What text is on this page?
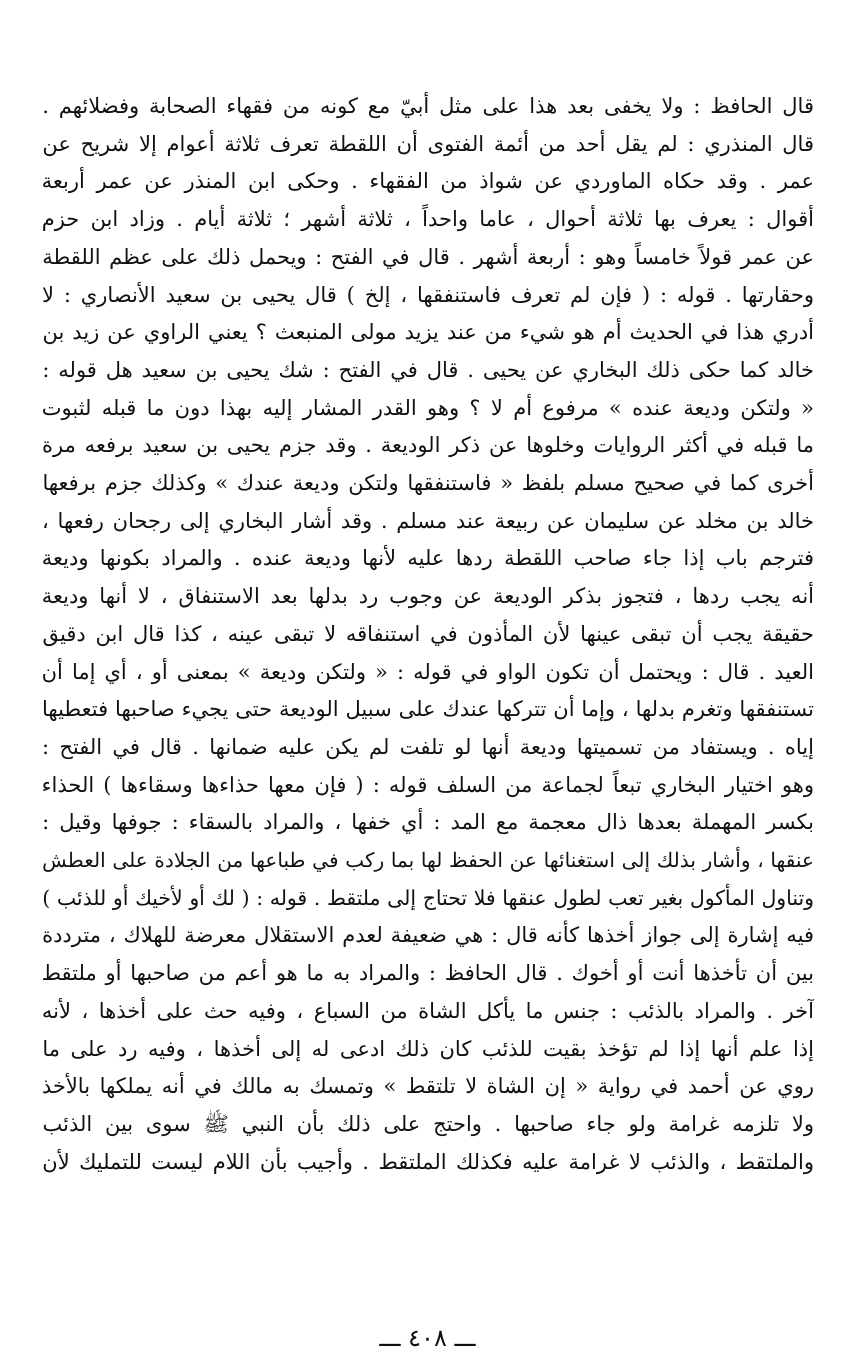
قال الحافظ : ولا يخفى بعد هذا على مثل أبيّ مع كونه من فقهاء الصحابة وفضلائهم .
قال المنذري : لم يقل أحد من أئمة الفتوى أن اللقطة تعرف ثلاثة أعوام إلا شريح عن
عمر . وقد حكاه الماوردي عن شواذ من الفقهاء . وحكى ابن المنذر عن عمر أربعة
أقوال : يعرف بها ثلاثة أحوال ، عاما واحداً ، ثلاثة أشهر ؛ ثلاثة أيام . وزاد ابن حزم
عن عمر قولاً خامساً وهو : أربعة أشهر . قال في الفتح : ويحمل ذلك على عظم اللقطة
وحقارتها . قوله : ( فإن لم تعرف فاستنفقها ، إلخ ) قال يحيى بن سعيد الأنصاري : لا
أدري هذا في الحديث أم هو شيء من عند يزيد مولى المنبعث ؟ يعني الراوي عن زيد بن
خالد كما حكى ذلك البخاري عن يحيى . قال في الفتح : شك يحيى بن سعيد هل قوله :
« ولتكن وديعة عنده » مرفوع أم لا ؟ وهو القدر المشار إليه بهذا دون ما قبله لثبوت
ما قبله في أكثر الروايات وخلوها عن ذكر الوديعة . وقد جزم يحيى بن سعيد برفعه مرة
أخرى كما في صحيح مسلم بلفظ « فاستنفقها ولتكن وديعة عندك » وكذلك جزم برفعها
خالد بن مخلد عن سليمان عن ربيعة عند مسلم . وقد أشار البخاري إلى رجحان رفعها ،
فترجم باب إذا جاء صاحب اللقطة ردها عليه لأنها وديعة عنده . والمراد بكونها وديعة
أنه يجب ردها ، فتجوز بذكر الوديعة عن وجوب رد بدلها بعد الاستنفاق ، لا أنها وديعة
حقيقة يجب أن تبقى عينها لأن المأذون في استنفاقه لا تبقى عينه ، كذا قال ابن دقيق
العيد . قال : ويحتمل أن تكون الواو في قوله : « ولتكن وديعة » بمعنى أو ، أي إما أن
تستنفقها وتغرم بدلها ، وإما أن تتركها عندك على سبيل الوديعة حتى يجيء صاحبها فتعطيها
إياه . ويستفاد من تسميتها وديعة أنها لو تلفت لم يكن عليه ضمانها . قال في الفتح :
وهو اختيار البخاري تبعاً لجماعة من السلف قوله : ( فإن معها حذاءها وسقاءها ) الحذاء
بكسر المهملة بعدها ذال معجمة مع المد : أي خفها ، والمراد بالسقاء : جوفها وقيل :
عنقها ، وأشار بذلك إلى استغنائها عن الحفظ لها بما ركب في طباعها من الجلادة على العطش
وتناول المأكول بغير تعب لطول عنقها فلا تحتاج إلى ملتقط . قوله : ( لك أو لأخيك أو للذئب )
فيه إشارة إلى جواز أخذها كأنه قال : هي ضعيفة لعدم الاستقلال معرضة للهلاك ، مترددة
بين أن تأخذها أنت أو أخوك . قال الحافظ : والمراد به ما هو أعم من صاحبها أو ملتقط
آخر . والمراد بالذئب : جنس ما يأكل الشاة من السباع ، وفيه حث على أخذها ، لأنه
إذا علم أنها إذا لم تؤخذ بقيت للذئب كان ذلك ادعى له إلى أخذها ، وفيه رد على ما
روي عن أحمد في رواية « إن الشاة لا تلتقط » وتمسك به مالك في أنه يملكها بالأخذ
ولا تلزمه غرامة ولو جاء صاحبها . واحتج على ذلك بأن النبي ﷺ سوى بين الذئب
والملتقط ، والذئب لا غرامة عليه فكذلك الملتقط . وأجيب بأن اللام ليست للتمليك لأن
ـــ ٤٠٨ ـــ
